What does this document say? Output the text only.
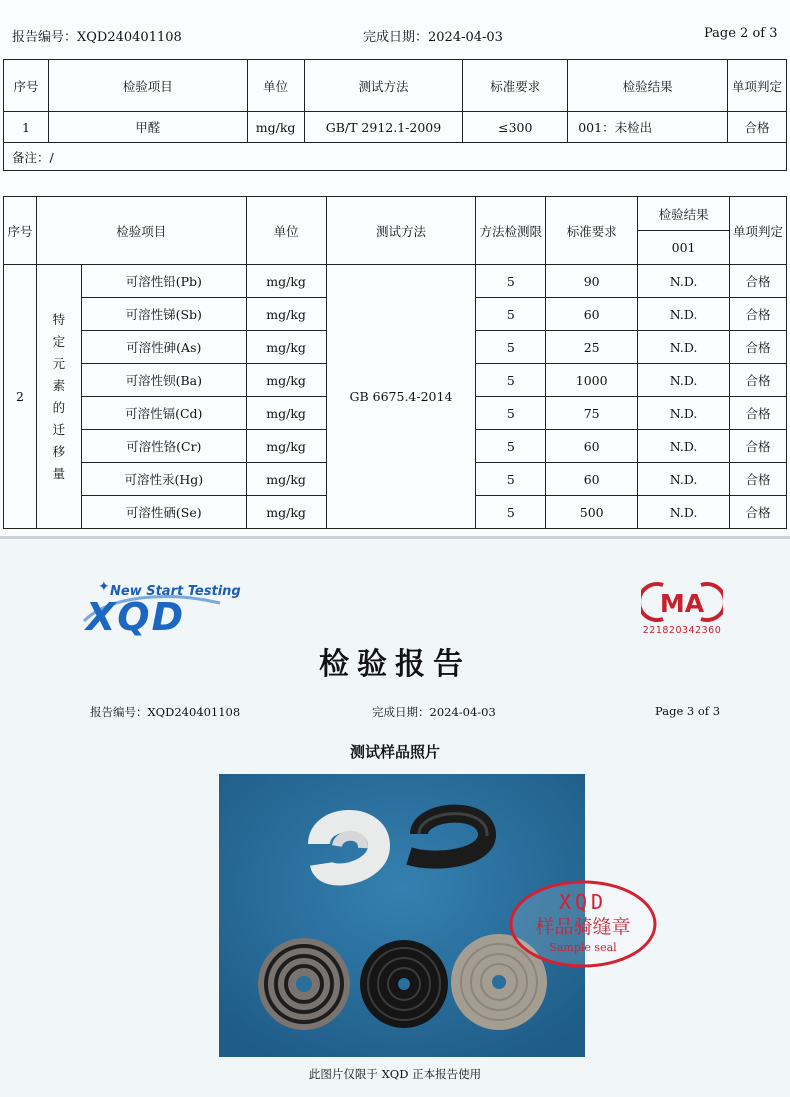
报告编号：XQD240401108	完成日期：2024-04-03	Page 2 of 3
序号	检验项目	单位	测试方法	标准要求	检验结果	单项判定
1	甲醛	mg/kg	GB/T 2912.1-2009	≤300	001：未检出	合格
备注：/						
序号	检验项目		单位	测试方法	方法检测限	标准要求	检验结果	单项判定
							001	
2	特定元素的迁移量	可溶性铅(Pb)	mg/kg	GB 6675.4-2014	5	90	N.D.	合格
		可溶性锑(Sb)	mg/kg		5	60	N.D.	合格
		可溶性砷(As)	mg/kg		5	25	N.D.	合格
		可溶性钡(Ba)	mg/kg		5	1000	N.D.	合格
		可溶性镉(Cd)	mg/kg		5	75	N.D.	合格
		可溶性铬(Cr)	mg/kg		5	60	N.D.	合格
		可溶性汞(Hg)	mg/kg		5	60	N.D.	合格
		可溶性硒(Se)	mg/kg		5	500	N.D.	合格
✦ New Start Testing
XQD	MA
221820342360
检验报告
报告编号：XQD240401108	完成日期：2024-04-03	Page 3 of 3
测试样品照片
XQD
样品骑缝章
Sample seal
此图片仅限于 XQD 正本报告使用
